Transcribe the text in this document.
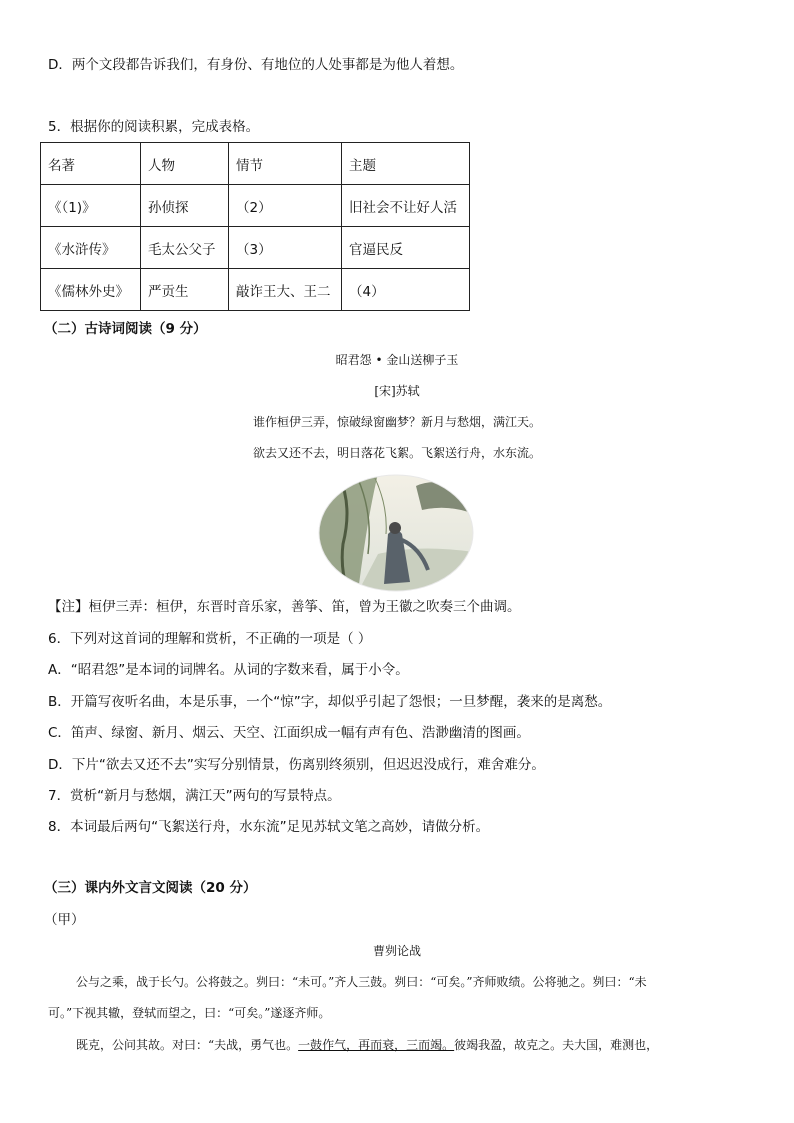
D．两个文段都告诉我们，有身份、有地位的人处事都是为他人着想。
5．根据你的阅读积累，完成表格。
名著	人物	情节	主题
《（1)》	孙侦探	（2）	旧社会不让好人活
《水浒传》	毛太公父子	（3）	官逼民反
《儒林外史》	严贡生	敲诈王大、王二	（4）
（二）古诗词阅读（9 分）
昭君怨 • 金山送柳子玉
[宋]苏轼
谁作桓伊三弄，惊破绿窗幽梦？新月与愁烟，满江天。
欲去又还不去，明日落花飞絮。飞絮送行舟，水东流。
【注】桓伊三弄：桓伊，东晋时音乐家，善筝、笛，曾为王徽之吹奏三个曲调。
6．下列对这首词的理解和赏析，不正确的一项是（ ）
A．“昭君怨”是本词的词牌名。从词的字数来看，属于小令。
B．开篇写夜听名曲，本是乐事，一个“惊”字，却似乎引起了怨恨；一旦梦醒，袭来的是离愁。
C．笛声、绿窗、新月、烟云、天空、江面织成一幅有声有色、浩渺幽清的图画。
D．下片“欲去又还不去”实写分别情景，伤离别终须别，但迟迟没成行，难舍难分。
7．赏析“新月与愁烟，满江天”两句的写景特点。
8．本词最后两句“飞絮送行舟，水东流”足见苏轼文笔之高妙，请做分析。
（三）课内外文言文阅读（20 分）
（甲）
曹刿论战
公与之乘，战于长勺。公将鼓之。刿曰：“未可。”齐人三鼓。刿曰：“可矣。”齐师败绩。公将驰之。刿曰：“未
可。”下视其辙，登轼而望之，曰：“可矣。”遂逐齐师。
既克，公问其故。对曰：“夫战，勇气也。一鼓作气，再而衰，三而竭。彼竭我盈，故克之。夫大国，难测也，
